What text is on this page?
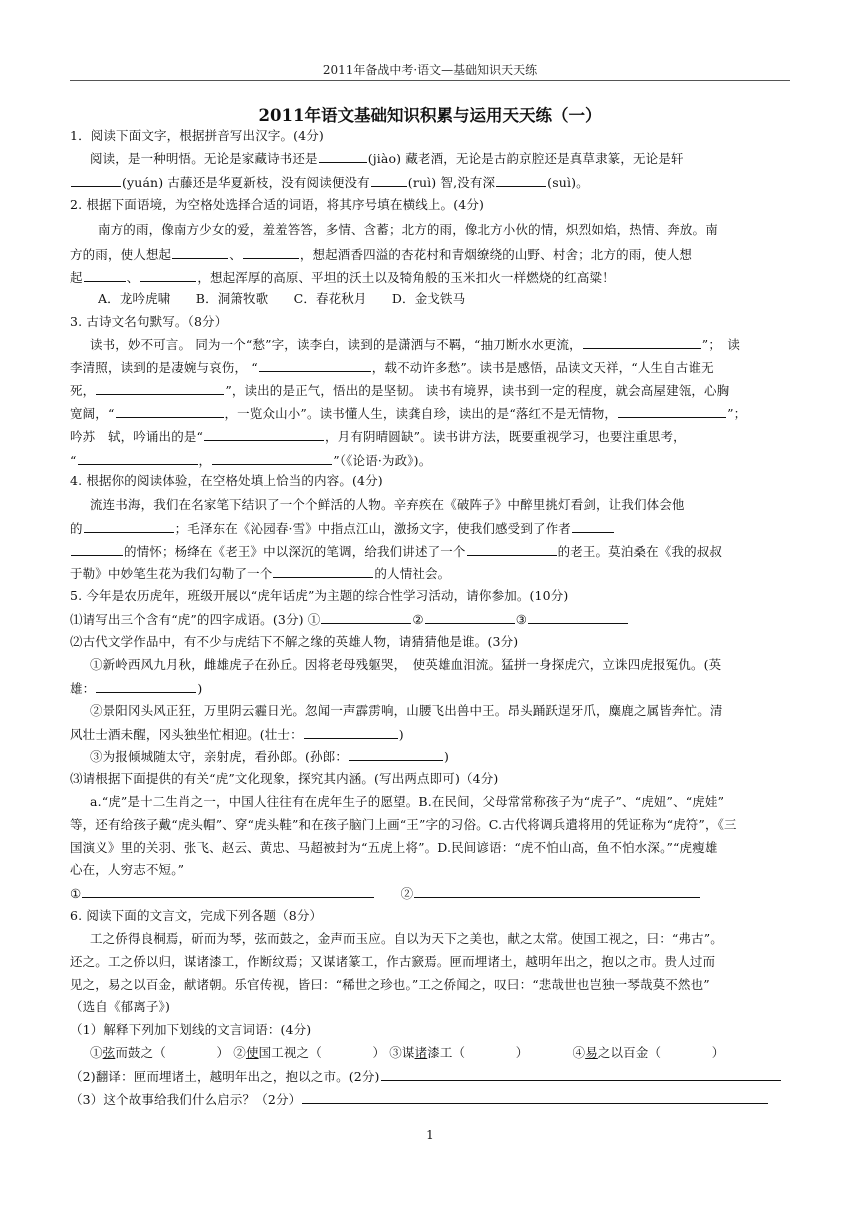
2011年备战中考·语文—基础知识天天练
2011年语文基础知识积累与运用天天练（一）
1．阅读下面文字，根据拼音写出汉字。(4分)
阅读，是一种明悟。无论是家藏诗书还是	(jiào) 藏老酒，无论是古韵京腔还是真草隶篆，无论是轩
(yuán) 古藤还是华夏新枝，没有阅读便没有	(ruì) 智,没有深	(suì)。
2. 根据下面语境，为空格处选择合适的词语，将其序号填在横线上。(4分)
南方的雨，像南方少女的爱，羞羞答答，多情、含蓄；北方的雨，像北方小伙的情，炽烈如焰，热情、奔放。南
方的雨，使人想起	、	，想起酒香四溢的杏花村和青烟缭绕的山野、村舍；北方的雨，使人想
起	、	，想起浑厚的高原、平坦的沃土以及犄角般的玉米扣火一样燃烧的红高粱！
A．龙吟虎啸　　B．洞箫牧歌　　C．春花秋月　　D．金戈铁马
3. 古诗文名句默写。（8分）
读书，妙不可言。 同为一个“愁”字，读李白，读到的是潇洒与不羁，“抽刀断水水更流，	”；　读
李清照，读到的是凄婉与哀伤， “	，载不动许多愁”。读书是感悟，品读文天祥，“人生自古谁无
死，	”，读出的是正气，悟出的是坚韧。 读书有境界，读书到一定的程度，就会高屋建瓴，心胸
宽阔，“	，一览众山小”。读书懂人生，读龚自珍，读出的是“落红不是无情物，	”；
吟苏　轼，吟诵出的是“	，月有阴晴圆缺”。读书讲方法，既要重视学习，也要注重思考，
“	，	”（《论语·为政》)。
4. 根据你的阅读体验，在空格处填上恰当的内容。(4分)
流连书海，我们在名家笔下结识了一个个鲜活的人物。辛弃疾在《破阵子》中醉里挑灯看剑，让我们体会他
的	；毛泽东在《沁园春·雪》中指点江山，激扬文字，使我们感受到了作者
的情怀；杨绛在《老王》中以深沉的笔调，给我们讲述了一个	的老王。莫泊桑在《我的叔叔
于勒》中妙笔生花为我们勾勒了一个	的人情社会。
5. 今年是农历虎年，班级开展以“虎年话虎”为主题的综合性学习活动，请你参加。(10分)
⑴请写出三个含有“虎”的四字成语。(3分) ①	②	③
⑵古代文学作品中，有不少与虎结下不解之缘的英雄人物，请猜猜他是谁。(3分)
①新岭西风九月秋，雌雄虎子在孙丘。因将老母残躯哭，　使英雄血泪流。猛拼一身探虎穴，立诛四虎报冤仇。(英
雄：	)
②景阳冈头风正狂，万里阴云霾日光。忽闻一声霹雳响，山腰飞出兽中王。昂头踊跃逞牙爪，麋鹿之属皆奔忙。清
风壮士酒未醒，冈头独坐忙相迎。(壮士：	)
③为报倾城随太守，亲射虎，看孙郎。(孙郎：	)
⑶请根据下面提供的有关“虎”文化现象，探究其内涵。(写出两点即可)（4分)
a.“虎”是十二生肖之一，中国人往往有在虎年生子的愿望。B.在民间，父母常常称孩子为“虎子”、“虎妞”、“虎娃”
等，还有给孩子戴“虎头帽”、穿“虎头鞋”和在孩子脑门上画“王”字的习俗。C.古代将调兵遣将用的凭证称为“虎符”，《三
国演义》里的关羽、张飞、赵云、黄忠、马超被封为“五虎上将”。D.民间谚语：“虎不怕山高，鱼不怕水深。”“虎瘦雄
心在，人穷志不短。”
①　　	②
6. 阅读下面的文言文，完成下列各题（8分）
工之侨得良桐焉，斫而为琴，弦而鼓之，金声而玉应。自以为天下之美也，献之太常。使国工视之，曰：“弗古”。
还之。工之侨以归，谋诸漆工，作断纹焉；又谋诸篆工，作古窾焉。匣而埋诸土，越明年出之，抱以之市。贵人过而
见之，易之以百金，献诸朝。乐官传视，皆曰：“稀世之珍也。”工之侨闻之，叹曰：“悲哉世也岂独一琴哉莫不然也”
（选自《郁离子》)
（1）解释下列加下划线的文言词语：(4分)
①弦而鼓之（　　　　） ②使国工视之（　　　　） ③谋诸漆工（　　　　）	④易之以百金（　　　　）
（2)翻译：匣而埋诸土，越明年出之，抱以之市。(2分)
（3）这个故事给我们什么启示？（2分）
1
